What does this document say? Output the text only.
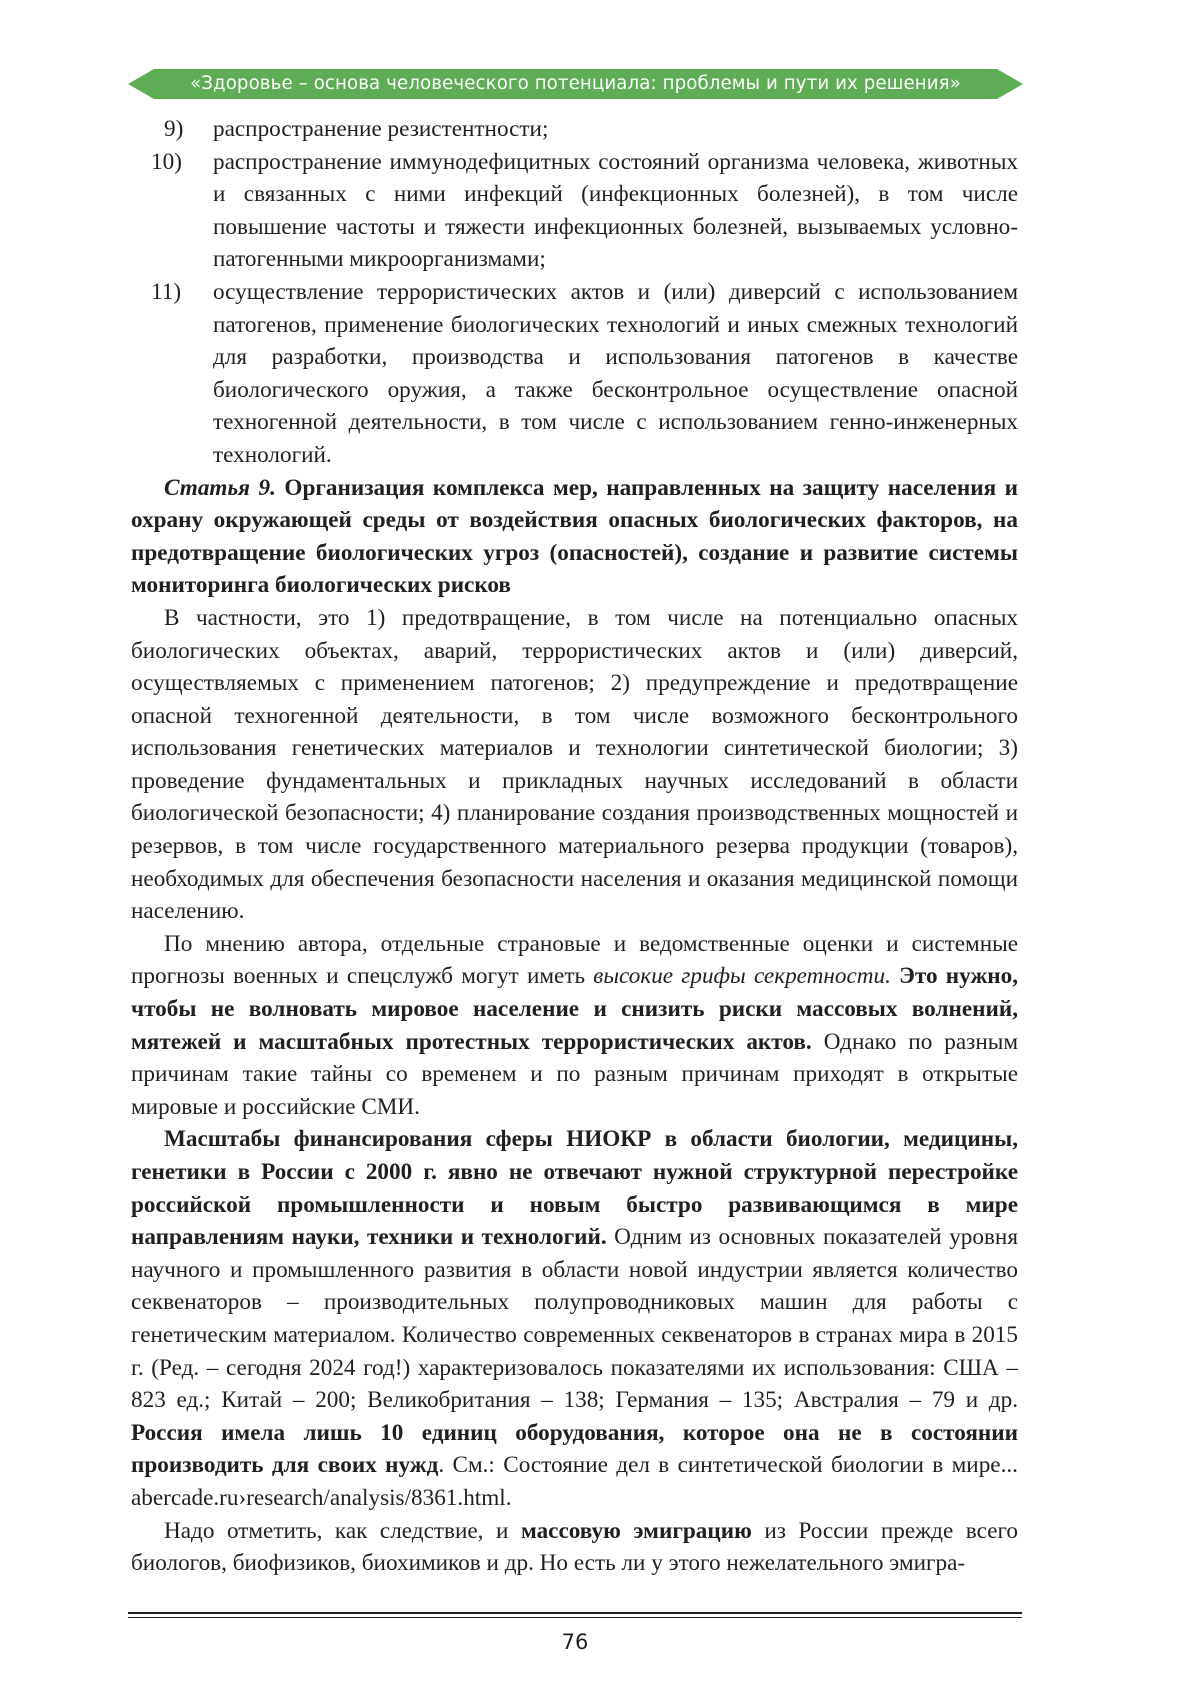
«Здоровье – основа человеческого потенциала: проблемы и пути их решения»
9) распространение резистентности;
10) распространение иммунодефицитных состояний организма человека, животных и связанных с ними инфекций (инфекционных болезней), в том числе повышение частоты и тяжести инфекционных болезней, вызываемых условно-патогенными микроорганизмами;
11) осуществление террористических актов и (или) диверсий с использованием патогенов, применение биологических технологий и иных смежных технологий для разработки, производства и использования патогенов в качестве биологического оружия, а также бесконтрольное осуществление опасной техногенной деятельности, в том числе с использованием генно-инженерных технологий.

Статья 9. Организация комплекса мер, направленных на защиту населения и охрану окружающей среды от воздействия опасных биологических факторов, на предотвращение биологических угроз (опасностей), создание и развитие системы мониторинга биологических рисков

В частности, это 1) предотвращение, в том числе на потенциально опасных биологических объектах, аварий, террористических актов и (или) диверсий, осуществляемых с применением патогенов; 2) предупреждение и предотвращение опасной техногенной деятельности, в том числе возможного бесконтрольного использования генетических материалов и технологии синтетической биологии; 3) проведение фундаментальных и прикладных научных исследований в области биологической безопасности; 4) планирование создания производственных мощностей и резервов, в том числе государственного материального резерва продукции (товаров), необходимых для обеспечения безопасности населения и оказания медицинской помощи населению.

По мнению автора, отдельные страновые и ведомственные оценки и системные прогнозы военных и спецслужб могут иметь высокие грифы секретности. Это нужно, чтобы не волновать мировое население и снизить риски массовых волнений, мятежей и масштабных протестных террористических актов. Однако по разным причинам такие тайны со временем и по разным причинам приходят в открытые мировые и российские СМИ.

Масштабы финансирования сферы НИОКР в области биологии, медицины, генетики в России с 2000 г. явно не отвечают нужной структурной перестройке российской промышленности и новым быстро развивающимся в мире направлениям науки, техники и технологий. Одним из основных показателей уровня научного и промышленного развития в области новой индустрии является количество секвенаторов – производительных полупроводниковых машин для работы с генетическим материалом. Количество современных секвенаторов в странах мира в 2015 г. (Ред. – сегодня 2024 год!) характеризовалось показателями их использования: США – 823 ед.; Китай – 200; Великобритания – 138; Германия – 135; Австралия – 79 и др. Россия имела лишь 10 единиц оборудования, которое она не в состоянии производить для своих нужд. См.: Состояние дел в синтетической биологии в мире... abercade.ru›research/analysis/8361.html.

Надо отметить, как следствие, и массовую эмиграцию из России прежде всего биологов, биофизиков, биохимиков и др. Но есть ли у этого нежелательного эмигра-

76
